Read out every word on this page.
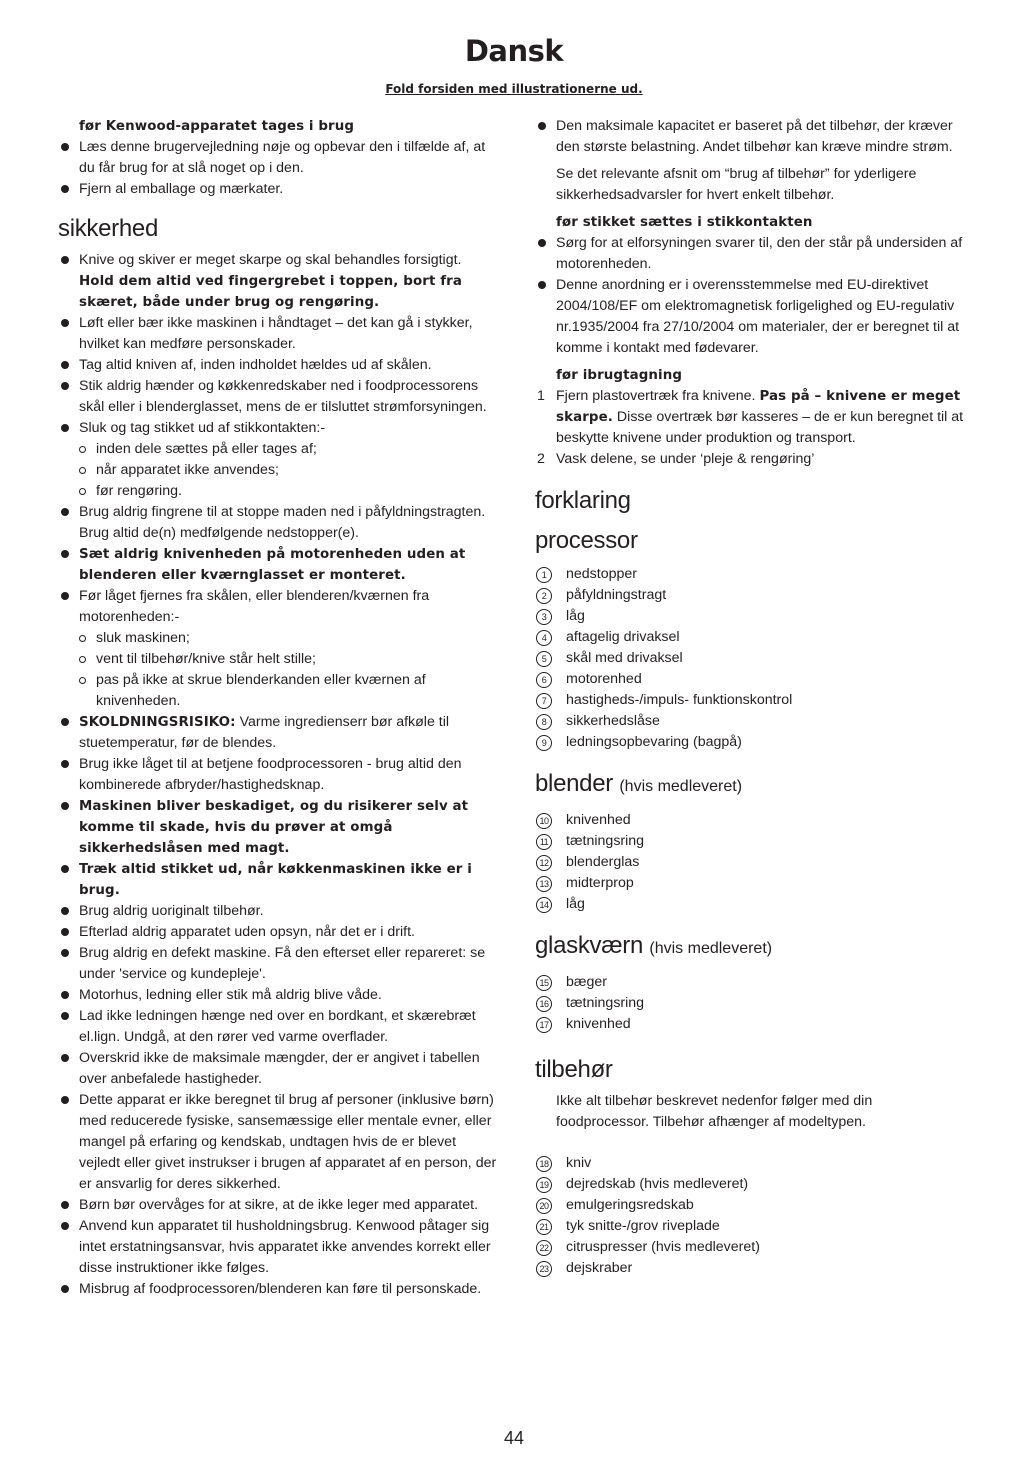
Dansk
Fold forsiden med illustrationerne ud.

før Kenwood-apparatet tages i brug

Læs denne brugervejledning nøje og opbevar den i tilfælde af, at du får brug for at slå noget op i den.

Fjern al emballage og mærkater.

sikkerhed

Knive og skiver er meget skarpe og skal behandles forsigtigt. Hold dem altid ved fingergrebet i toppen, bort fra skæret, både under brug og rengøring.

Løft eller bær ikke maskinen i håndtaget – det kan gå i stykker, hvilket kan medføre personskader.

Tag altid kniven af, inden indholdet hældes ud af skålen.

Stik aldrig hænder og køkkenredskaber ned i foodprocessorens skål eller i blenderglasset, mens de er tilsluttet strømforsyningen.

Sluk og tag stikket ud af stikkontakten:-

inden dele sættes på eller tages af;

når apparatet ikke anvendes;

før rengøring.

Brug aldrig fingrene til at stoppe maden ned i påfyldningstragten. Brug altid de(n) medfølgende nedstopper(e).

Sæt aldrig knivenheden på motorenheden uden at blenderen eller kværnglasset er monteret.

Før låget fjernes fra skålen, eller blenderen/kværnen fra motorenheden:-

sluk maskinen;

vent til tilbehør/knive står helt stille;

pas på ikke at skrue blenderkanden eller kværnen af knivenheden.

SKOLDNINGSRISIKO: Varme ingredienserr bør afkøle til stuetemperatur, før de blendes.

Brug ikke låget til at betjene foodprocessoren - brug altid den kombinerede afbryder/hastighedsknap.

Maskinen bliver beskadiget, og du risikerer selv at komme til skade, hvis du prøver at omgå sikkerhedslåsen med magt.

Træk altid stikket ud, når køkkenmaskinen ikke er i brug.

Brug aldrig uoriginalt tilbehør.

Efterlad aldrig apparatet uden opsyn, når det er i drift.

Brug aldrig en defekt maskine. Få den efterset eller repareret: se under 'service og kundepleje'.

Motorhus, ledning eller stik må aldrig blive våde.

Lad ikke ledningen hænge ned over en bordkant, et skærebræt el.lign. Undgå, at den rører ved varme overflader.

Overskrid ikke de maksimale mængder, der er angivet i tabellen over anbefalede hastigheder.

Dette apparat er ikke beregnet til brug af personer (inklusive børn) med reducerede fysiske, sansemæssige eller mentale evner, eller mangel på erfaring og kendskab, undtagen hvis de er blevet vejledt eller givet instrukser i brugen af apparatet af en person, der er ansvarlig for deres sikkerhed.

Børn bør overvåges for at sikre, at de ikke leger med apparatet.

Anvend kun apparatet til husholdningsbrug. Kenwood påtager sig intet erstatningsansvar, hvis apparatet ikke anvendes korrekt eller disse instruktioner ikke følges.

Misbrug af foodprocessoren/blenderen kan føre til personskade.

Den maksimale kapacitet er baseret på det tilbehør, der kræver den største belastning. Andet tilbehør kan kræve mindre strøm.

Se det relevante afsnit om “brug af tilbehør” for yderligere sikkerhedsadvarsler for hvert enkelt tilbehør.

før stikket sættes i stikkontakten

Sørg for at elforsyningen svarer til, den der står på undersiden af motorenheden.

Denne anordning er i overensstemmelse med EU-direktivet 2004/108/EF om elektromagnetisk forligelighed og EU-regulativ nr.1935/2004 fra 27/10/2004 om materialer, der er beregnet til at komme i kontakt med fødevarer.

før ibrugtagning

1 Fjern plastovertræk fra knivene. Pas på – knivene er meget skarpe. Disse overtræk bør kasseres – de er kun beregnet til at beskytte knivene under produktion og transport.

2 Vask delene, se under ‘pleje & rengøring’

forklaring
processor

1	nedstopper

2	påfyldningstragt

3	låg

4	aftagelig drivaksel

5	skål med drivaksel

6	motorenhed

7	hastigheds-/impuls- funktionskontrol

8	sikkerhedslåse

9	ledningsopbevaring (bagpå)

blender (hvis medleveret)

10 knivenhed

11 tætningsring

12 blenderglas

13 midterprop

14 låg

glaskværn (hvis medleveret)

15 bæger

16 tætningsring

17 knivenhed

tilbehør

Ikke alt tilbehør beskrevet nedenfor følger med din foodprocessor. Tilbehør afhænger af modeltypen.

18 kniv

19 dejredskab (hvis medleveret)

20 emulgeringsredskab

21 tyk snitte-/grov riveplade

22 citruspresser (hvis medleveret)

23 dejskraber

44
